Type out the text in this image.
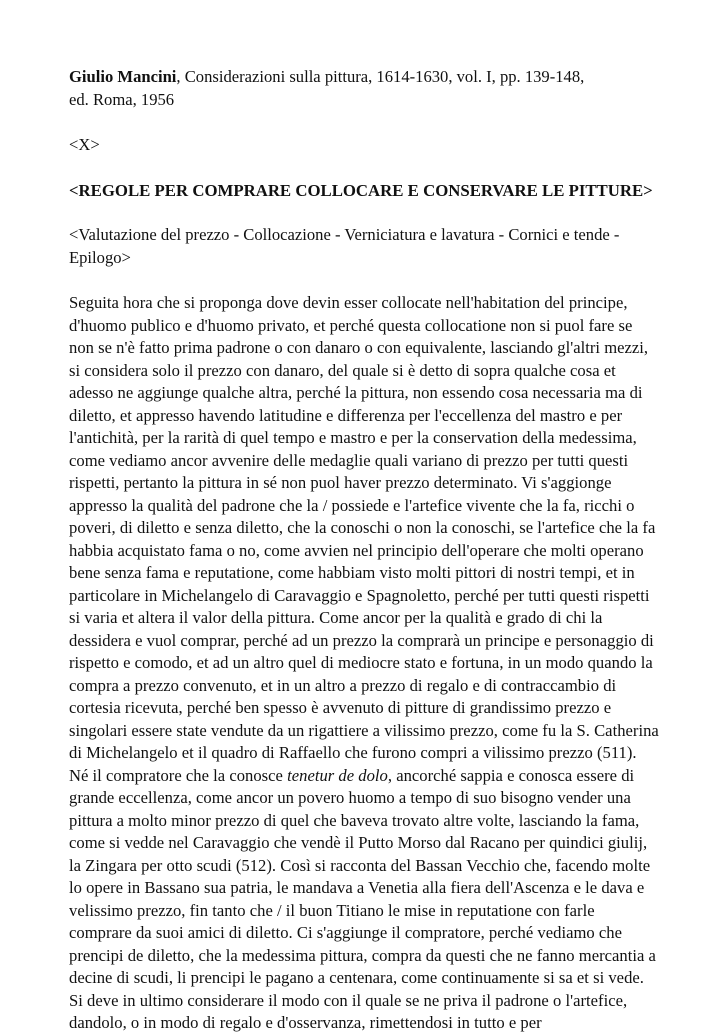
Giulio Mancini, Considerazioni sulla pittura, 1614-1630, vol. I, pp. 139-148, ed. Roma, 1956

<X>

<REGOLE PER COMPRARE COLLOCARE E CONSERVARE LE PITTURE>

<Valutazione del prezzo - Collocazione - Verniciatura e lavatura - Cornici e tende - Epilogo>

Seguita hora che si proponga dove devin esser collocate nell'habitation del principe, d'huomo publico e d'huomo privato, et perché questa collocatione non si puol fare se non se n'è fatto prima padrone o con danaro o con equivalente, lasciando gl'altri mezzi, si considera solo il prezzo con danaro, del quale si è detto di sopra qualche cosa et adesso ne aggiunge qualche altra, perché la pittura, non essendo cosa necessaria ma di diletto, et appresso havendo latitudine e differenza per l'eccellenza del mastro e per l'antichità, per la rarità di quel tempo e mastro e per la conservation della medessima, come vediamo ancor avvenire delle medaglie quali variano di prezzo per tutti questi rispetti, pertanto la pittura in sé non puol haver prezzo determinato. Vi s'aggionge appresso la qualità del padrone che la / possiede e l'artefice vivente che la fa, ricchi o poveri, di diletto e senza diletto, che la conoschi o non la conoschi, se l'artefice che la fa habbia acquistato fama o no, come avvien nel principio dell'operare che molti operano bene senza fama e reputatione, come habbiam visto molti pittori di nostri tempi, et in particolare in Michelangelo di Caravaggio e Spagnoletto, perché per tutti questi rispetti si varia et altera il valor della pittura. Come ancor per la qualità e grado di chi la dessidera e vuol comprar, perché ad un prezzo la comprarà un principe e personaggio di rispetto e comodo, et ad un altro quel di mediocre stato e fortuna, in un modo quando la compra a prezzo convenuto, et in un altro a prezzo di regalo e di contraccambio di cortesia ricevuta, perché ben spesso è avvenuto di pitture di grandissimo prezzo e singolari essere state vendute da un rigattiere a vilissimo prezzo, come fu la S. Catherina di Michelangelo et il quadro di Raffaello che furono compri a vilissimo prezzo (511). Né il compratore che la conosce tenetur de dolo, ancorché sappia e conosca essere di grande eccellenza, come ancor un povero huomo a tempo di suo bisogno vender una pittura a molto minor prezzo di quel che baveva trovato altre volte, lasciando la fama, come si vedde nel Caravaggio che vendè il Putto Morso dal Racano per quindici giulij, la Zingara per otto scudi (512). Così si racconta del Bassan Vecchio che, facendo molte lo opere in Bassano sua patria, le mandava a Venetia alla fiera dell'Ascenza e le dava e velissimo prezzo, fin tanto che / il buon Titiano le mise in reputatione con farle comprare da suoi amici di diletto. Ci s'aggiunge il compratore, perché vediamo che prencipi de diletto, che la medessima pittura, compra da questi che ne fanno mercantia a decine di scudi, li prencipi le pagano a centenara, come continuamente si sa et si vede. Si deve in ultimo considerare il modo con il quale se ne priva il padrone o l'artefice, dandolo, o in modo di regalo e d'osservanza, rimettendosi in tutto e per
